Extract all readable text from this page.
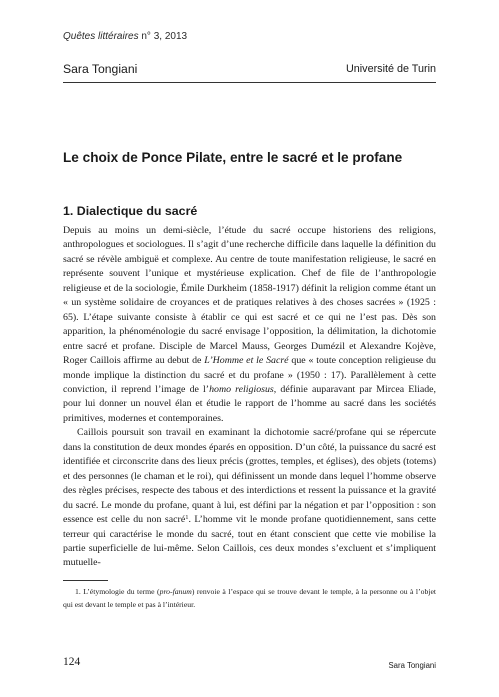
Quêtes littéraires n° 3, 2013
Sara Tongiani	Université de Turin
Le choix de Ponce Pilate, entre le sacré et le profane
1. Dialectique du sacré

Depuis au moins un demi-siècle, l’étude du sacré occupe historiens des religions, anthropologues et sociologues. Il s’agit d’une recherche difficile dans laquelle la définition du sacré se révèle ambiguë et complexe. Au centre de toute manifestation religieuse, le sacré en représente souvent l’unique et mystérieuse explication. Chef de file de l’anthropologie religieuse et de la sociologie, Émile Durkheim (1858-1917) définit la religion comme étant un « un système solidaire de croyances et de pratiques relatives à des choses sacrées » (1925 : 65). L’étape suivante consiste à établir ce qui est sacré et ce qui ne l’est pas. Dès son apparition, la phénoménologie du sacré envisage l’opposition, la délimitation, la dichotomie entre sacré et profane. Disciple de Marcel Mauss, Georges Dumézil et Alexandre Kojève, Roger Caillois affirme au debut de L’Homme et le Sacré que « toute conception religieuse du monde implique la distinction du sacré et du profane » (1950 : 17). Parallèlement à cette conviction, il reprend l’image de l’homo religiosus, définie auparavant par Mircea Eliade, pour lui donner un nouvel élan et étudie le rapport de l’homme au sacré dans les sociétés primitives, modernes et contemporaines.

Caillois poursuit son travail en examinant la dichotomie sacré/profane qui se répercute dans la constitution de deux mondes éparés en opposition. D’un côté, la puissance du sacré est identifiée et circonscrite dans des lieux précis (grottes, temples, et églises), des objets (totems) et des personnes (le chaman et le roi), qui définissent un monde dans lequel l’homme observe des règles précises, respecte des tabous et des interdictions et ressent la puissance et la gravité du sacré. Le monde du profane, quant à lui, est défini par la négation et par l’opposition : son essence est celle du non sacré$^1$. L’homme vit le monde profane quotidiennement, sans cette terreur qui caractérise le monde du sacré, tout en étant conscient que cette vie mobilise la partie superficielle de lui-même. Selon Caillois, ces deux mondes s’excluent et s’impliquent mutuelle-

1. L’étymologie du terme (pro-fanum) renvoie à l’espace qui se trouve devant le temple, à la personne ou à l’objet qui est devant le temple et pas à l’intérieur.
124	Sara Tongiani
